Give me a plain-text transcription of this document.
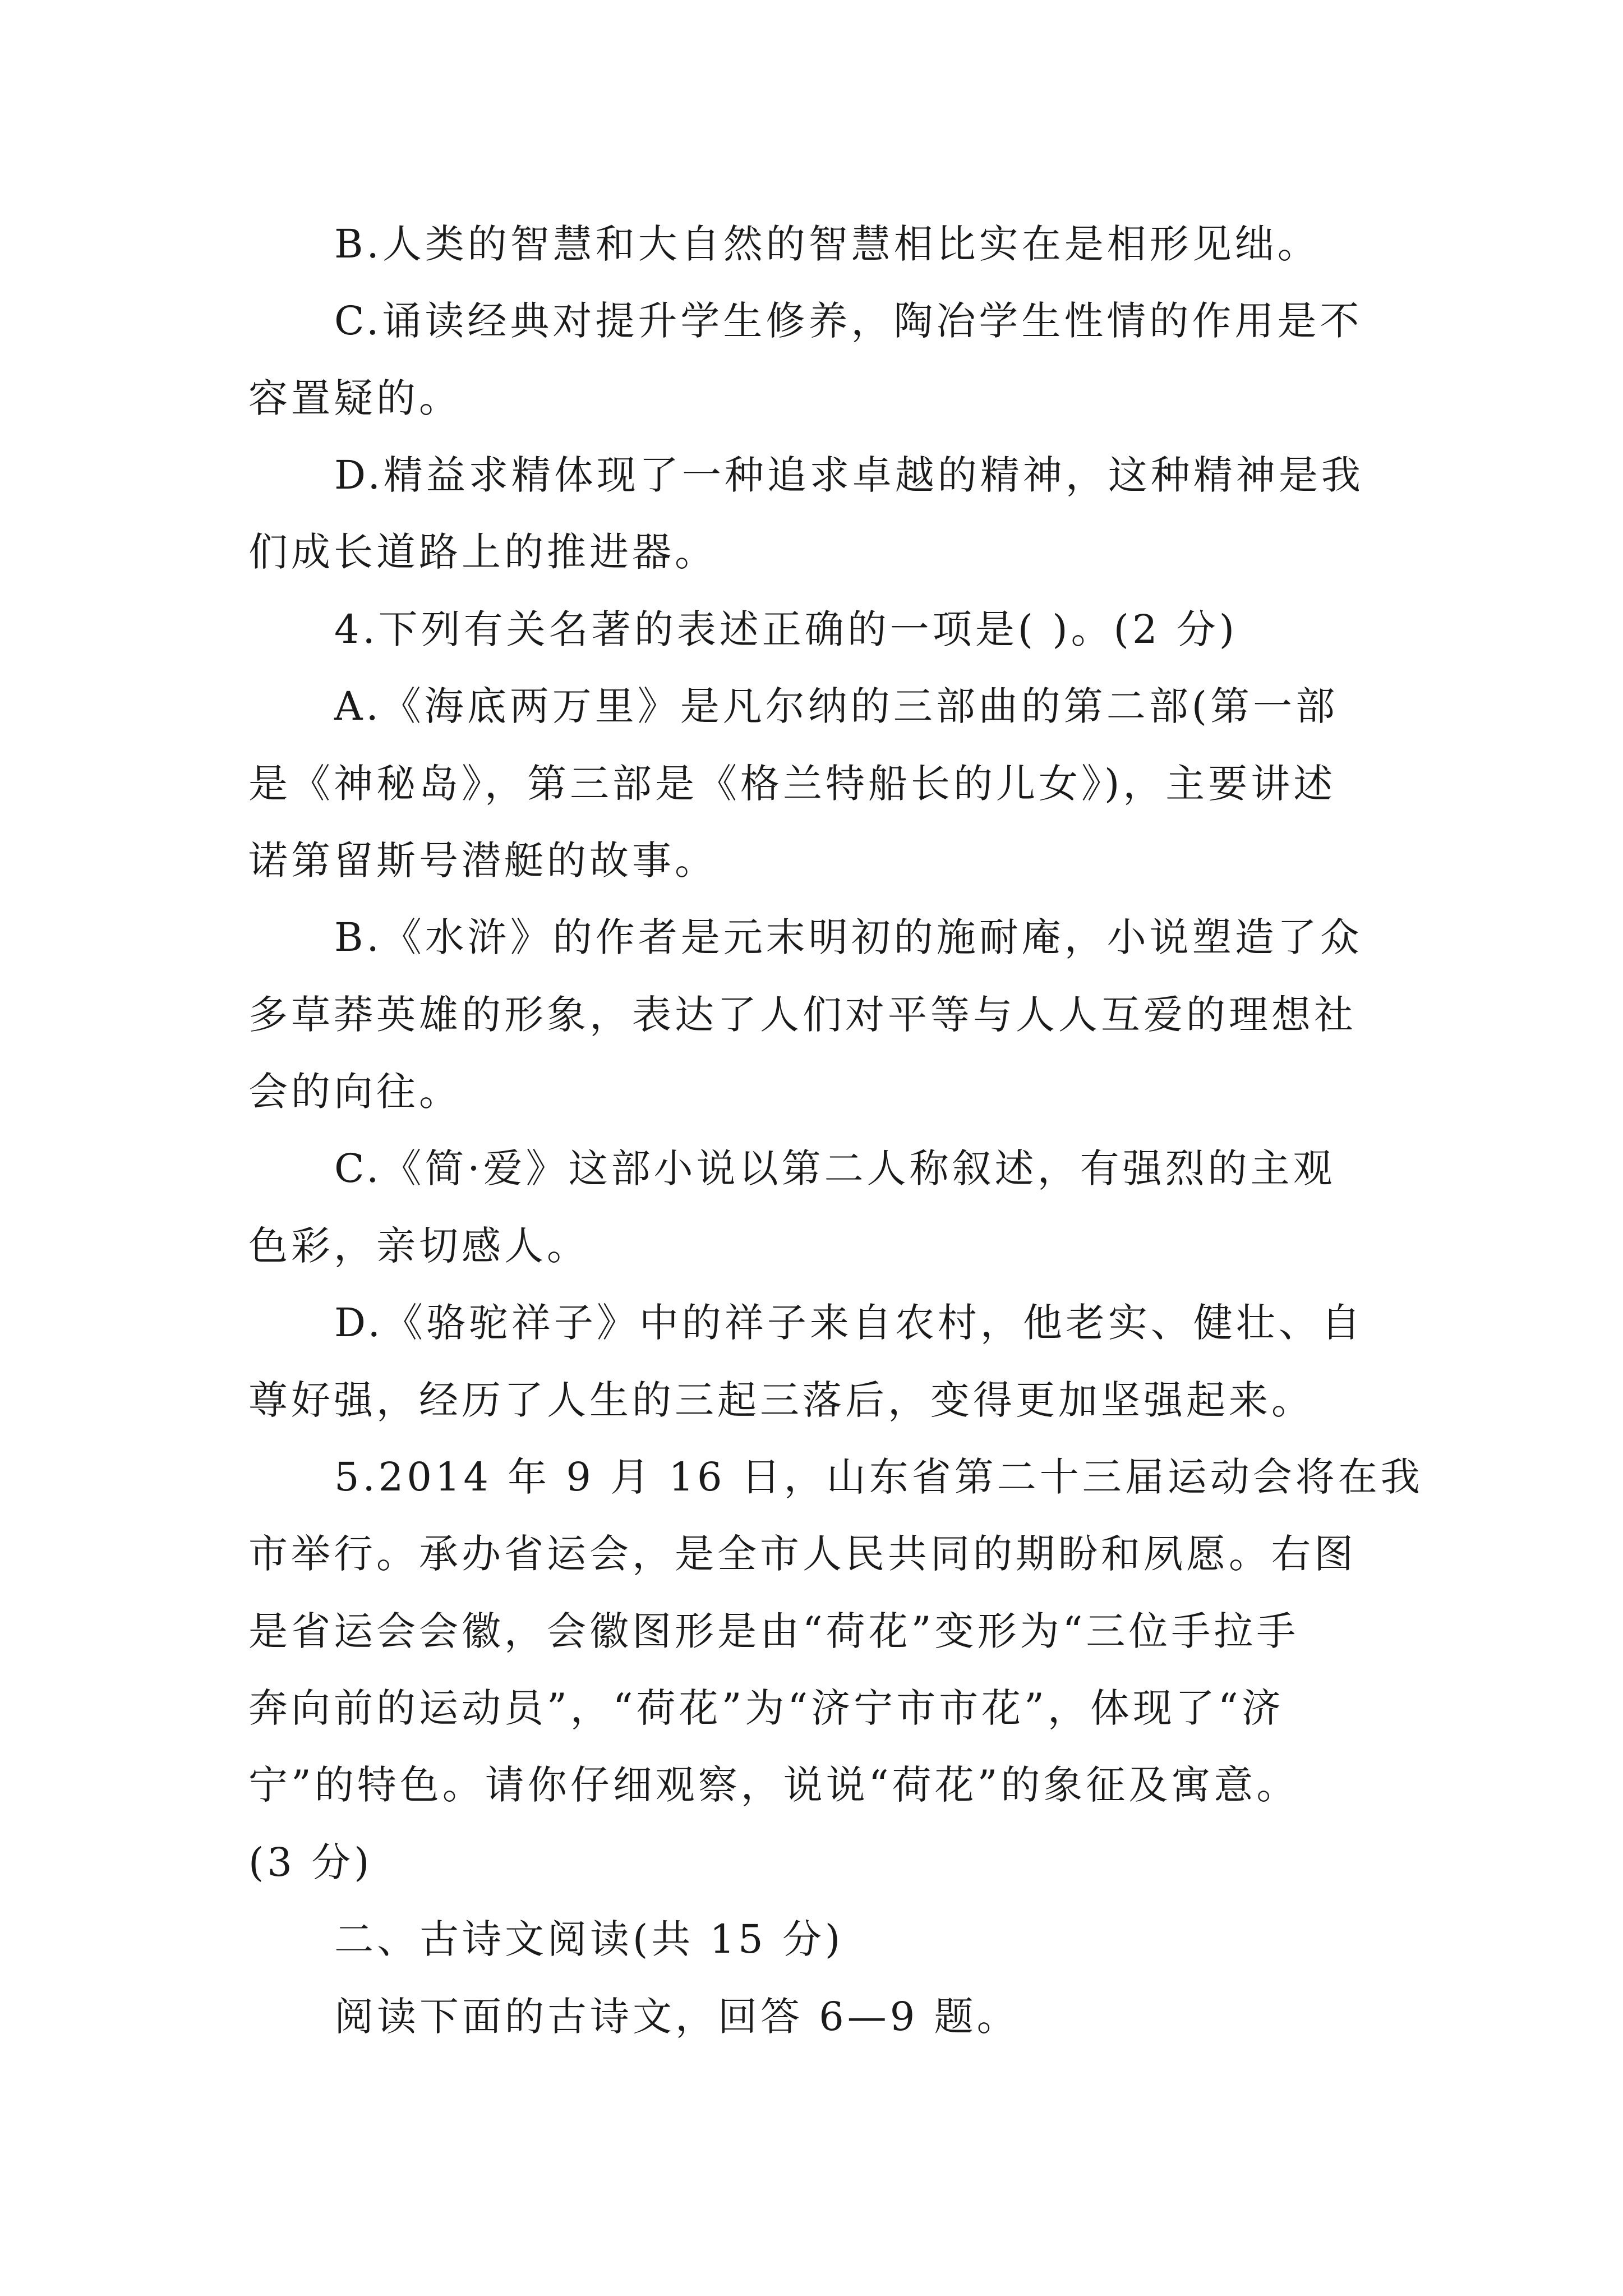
B.人类的智慧和大自然的智慧相比实在是相形见绌。
C.诵读经典对提升学生修养，陶冶学生性情的作用是不
容置疑的。
D.精益求精体现了一种追求卓越的精神，这种精神是我
们成长道路上的推进器。
4.下列有关名著的表述正确的一项是( )。(2 分)
A.《海底两万里》是凡尔纳的三部曲的第二部(第一部
是《神秘岛》，第三部是《格兰特船长的儿女》)，主要讲述
诺第留斯号潜艇的故事。
B.《水浒》的作者是元末明初的施耐庵，小说塑造了众
多草莽英雄的形象，表达了人们对平等与人人互爱的理想社
会的向往。
C.《简·爱》这部小说以第二人称叙述，有强烈的主观
色彩，亲切感人。
D.《骆驼祥子》中的祥子来自农村，他老实、健壮、自
尊好强，经历了人生的三起三落后，变得更加坚强起来。
5.2014 年 9 月 16 日，山东省第二十三届运动会将在我
市举行。承办省运会，是全市人民共同的期盼和夙愿。右图
是省运会会徽，会徽图形是由“荷花”变形为“三位手拉手
奔向前的运动员”，“荷花”为“济宁市市花”，体现了“济
宁”的特色。请你仔细观察，说说“荷花”的象征及寓意。
(3 分)
二、古诗文阅读(共 15 分)
阅读下面的古诗文，回答 6—9 题。
